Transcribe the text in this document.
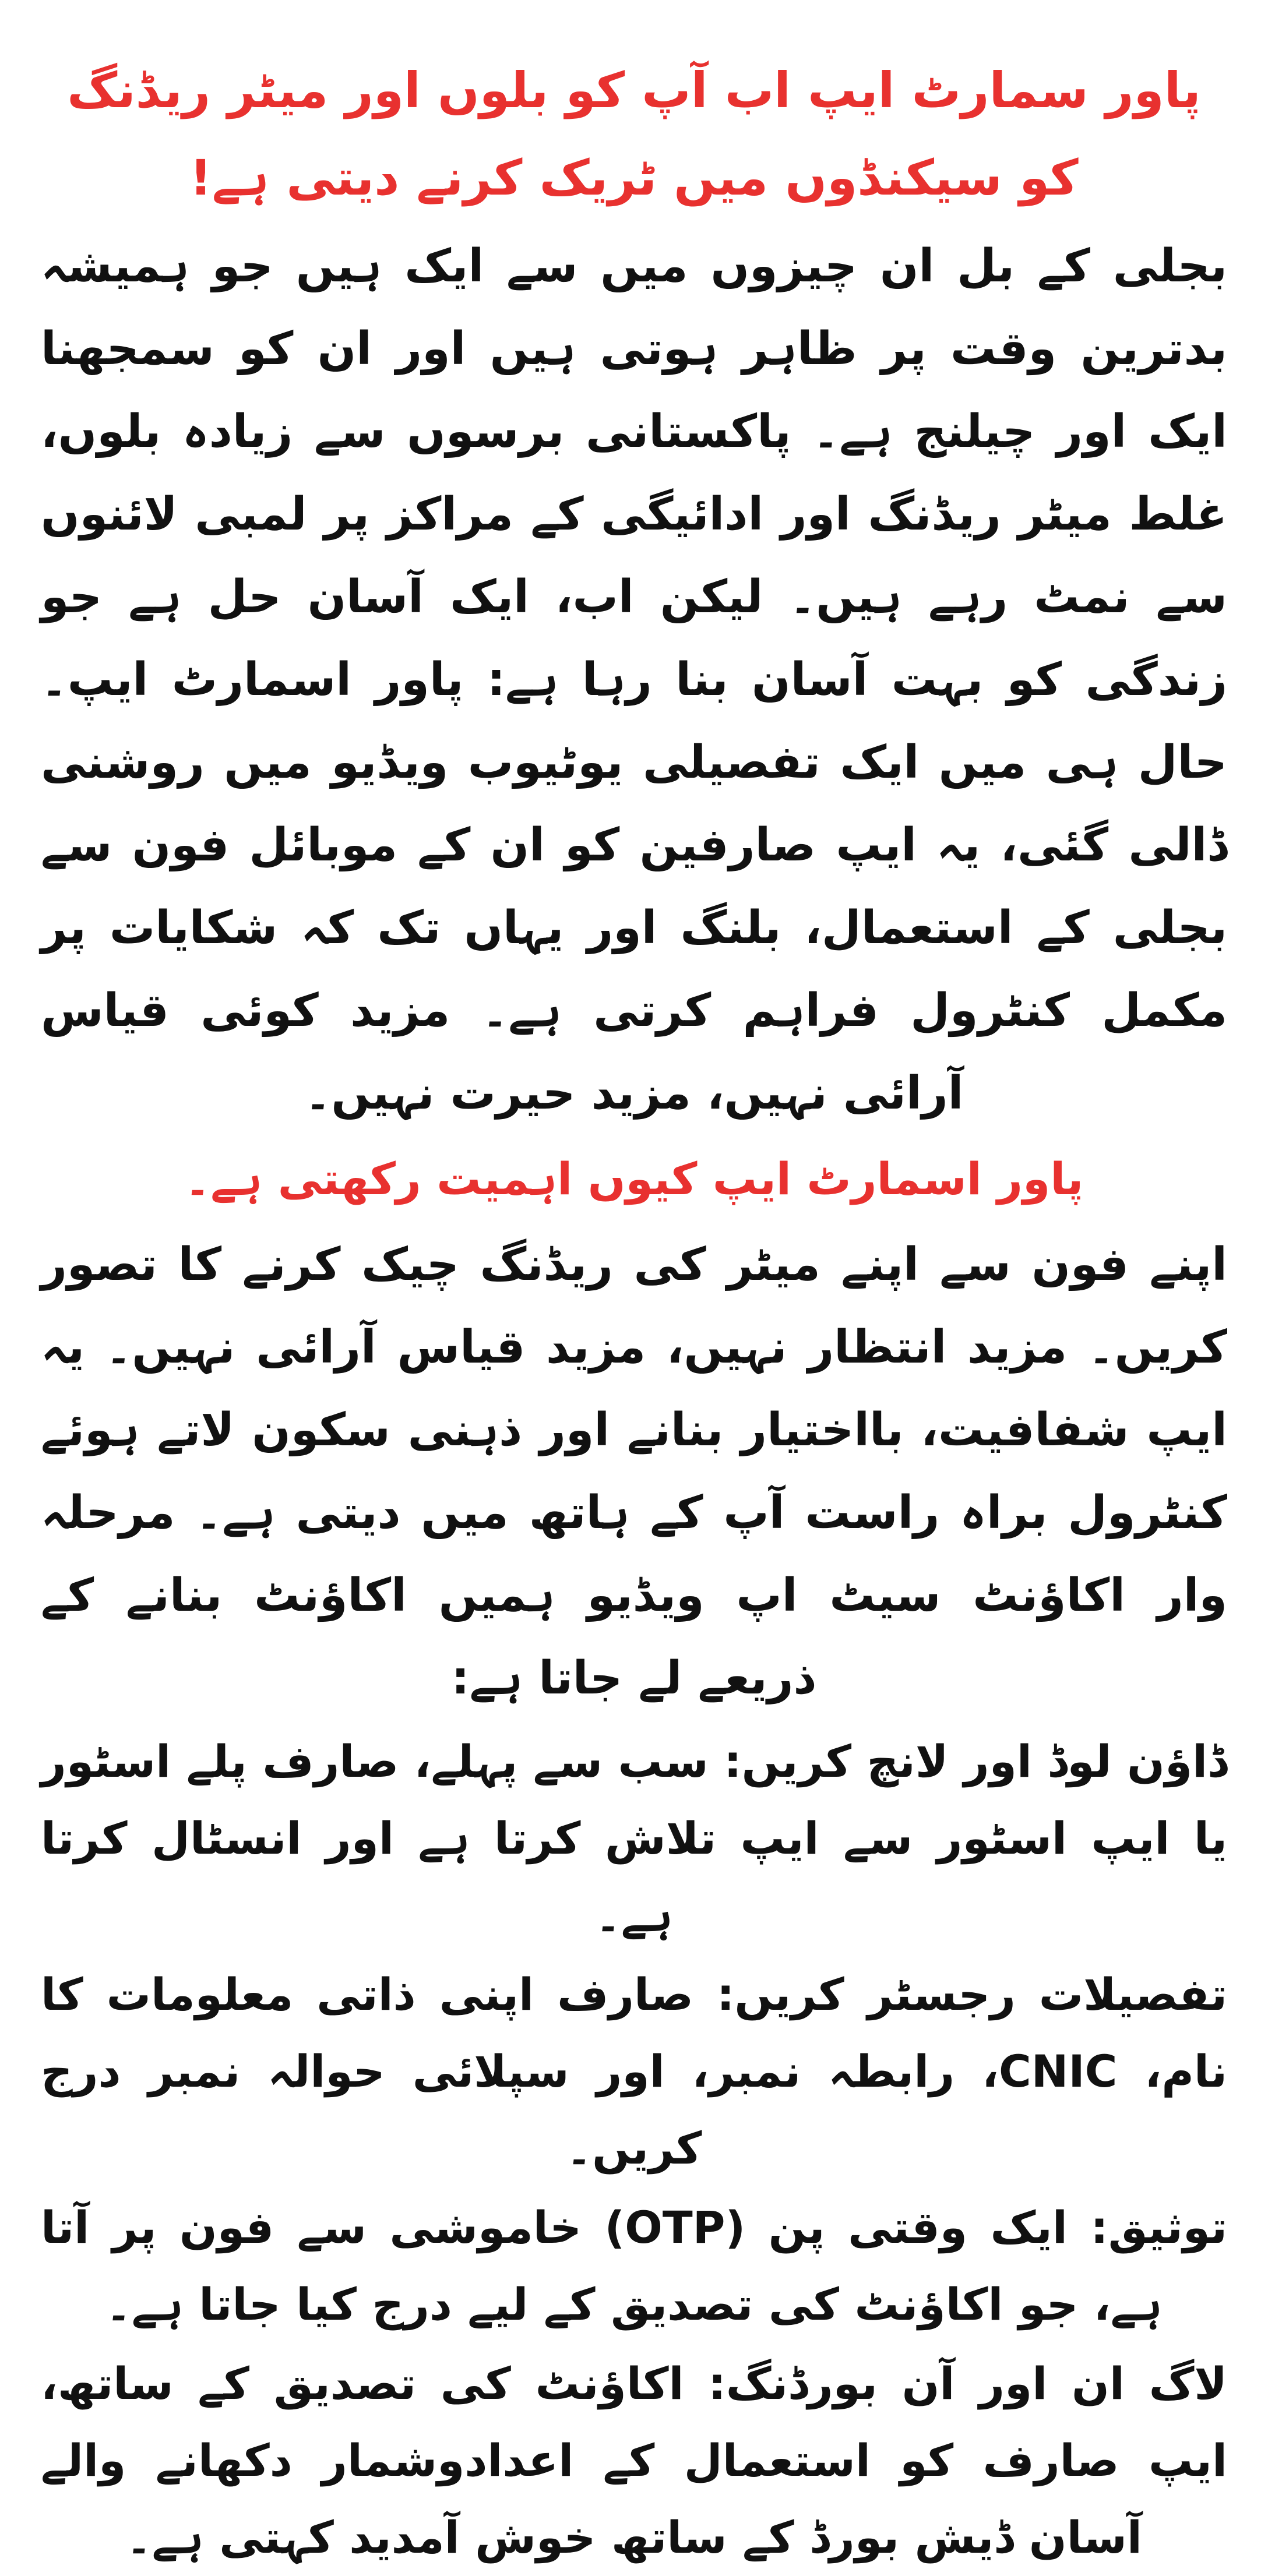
پاور سمارٹ ایپ اب آپ کو بلوں اور میٹر ریڈنگ کو سیکنڈوں میں ٹریک کرنے دیتی ہے!
بجلی کے بل ان چیزوں میں سے ایک ہیں جو ہمیشہ بدترین وقت پر ظاہر ہوتی ہیں اور ان کو سمجھنا ایک اور چیلنج ہے۔ پاکستانی برسوں سے زیادہ بلوں، غلط میٹر ریڈنگ اور ادائیگی کے مراکز پر لمبی لائنوں سے نمٹ رہے ہیں۔ لیکن اب، ایک آسان حل ہے جو زندگی کو بہت آسان بنا رہا ہے: پاور اسمارٹ ایپ۔ حال ہی میں ایک تفصیلی یوٹیوب ویڈیو میں روشنی ڈالی گئی، یہ ایپ صارفین کو ان کے موبائل فون سے بجلی کے استعمال، بلنگ اور یہاں تک کہ شکایات پر مکمل کنٹرول فراہم کرتی ہے۔ مزید کوئی قیاس آرائی نہیں، مزید حیرت نہیں۔
پاور اسمارٹ ایپ کیوں اہمیت رکھتی ہے۔
اپنے فون سے اپنے میٹر کی ریڈنگ چیک کرنے کا تصور کریں۔ مزید انتظار نہیں، مزید قیاس آرائی نہیں۔ یہ ایپ شفافیت، بااختیار بنانے اور ذہنی سکون لاتے ہوئے کنٹرول براہ راست آپ کے ہاتھ میں دیتی ہے۔ مرحلہ وار اکاؤنٹ سیٹ اپ ویڈیو ہمیں اکاؤنٹ بنانے کے ذریعے لے جاتا ہے:
ڈاؤن لوڈ اور لانچ کریں: سب سے پہلے، صارف پلے اسٹور یا ایپ اسٹور سے ایپ تلاش کرتا ہے اور انسٹال کرتا ہے۔
تفصیلات رجسٹر کریں: صارف اپنی ذاتی معلومات کا نام، CNIC، رابطہ نمبر، اور سپلائی حوالہ نمبر درج کریں۔
توثیق: ایک وقتی پن (OTP) خاموشی سے فون پر آتا ہے، جو اکاؤنٹ کی تصدیق کے لیے درج کیا جاتا ہے۔
لاگ ان اور آن بورڈنگ: اکاؤنٹ کی تصدیق کے ساتھ، ایپ صارف کو استعمال کے اعدادوشمار دکھانے والے آسان ڈیش بورڈ کے ساتھ خوش آمدید کہتی ہے۔
